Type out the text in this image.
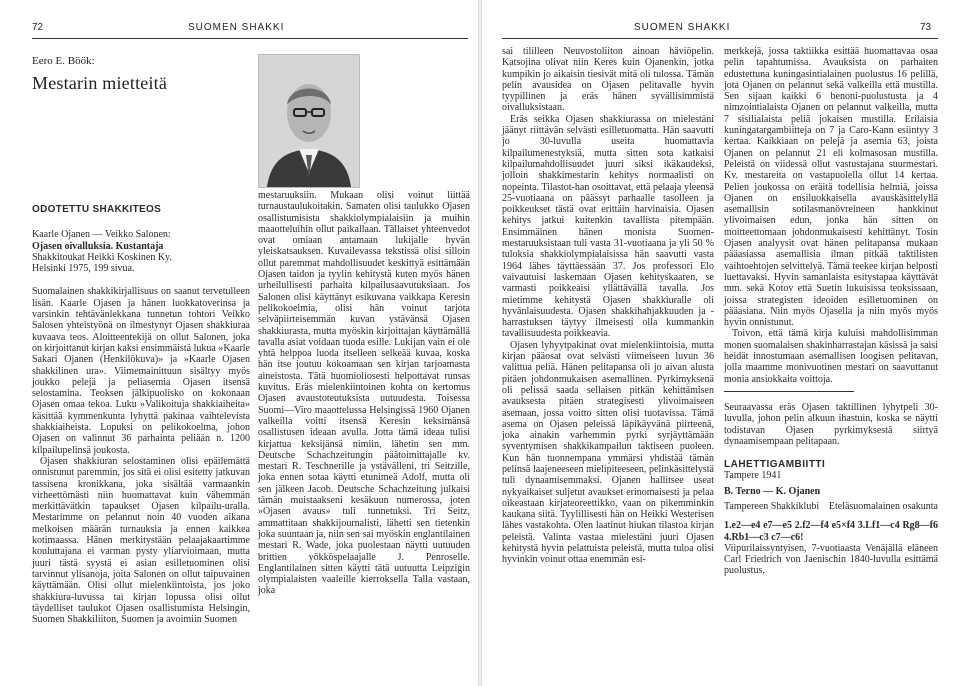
72	SUOMEN SHAKKI
Eero E. Böök:
Mestarin mietteitä
ODOTETTU SHAKKITEOS
Kaarle Ojanen — Veikko Salonen:
Ojasen oivalluksia. Kustantaja
Shakkitoukat Heikki Koskinen Ky.
Helsinki 1975, 199 sivua.

Suomalainen shakkikirjallisuus on saanut tervetulleen lisän. Kaarle Ojasen ja hänen luokkatoverinsa ja varsinkin tehtävänlekkana tunnetun tohtori Veikko Salosen yhteistyönä on ilmestynyt Ojasen shakkiuraa kuvaava teos. Aloitteentekijä on ollut Salonen, joka on kirjoittanut kirjan kaksi ensimmäistä lukua »Kaarle Sakari Ojanen (Henkilökuva)» ja »Kaarle Ojasen shakkilinen ura». Viimemainittuun sisältyy myös joukko pelejä ja peliasemia Ojasen itsensä selostamina. Teoksen jälkipuolisko on kokonaan Ojasen omaa tekoa. Luku »Valikoituja shakkiaiheita» käsittää kymmenkunta lyhyttä pakinaa vaihtelevista shakkiaiheista. Lopuksi on pelikokoelma, johon Ojasen on valinnut 36 parhainta peliään n. 1200 kilpailupelinsä joukosta.

Ojasen shakkiuran selostaminen olisi epäilemättä onnistunut paremmin, jos sitä ei olisi esitetty jatkuvan tassisena kronikkana, joka sisältää varmaankin virheettömästi niin huomattavat kuin vähemmän merkittävätkin tapaukset Ojasen kilpailu-uralla. Mestarimme on pelannut noin 40 vuoden aikana melkoisen määrän turnauksia ja ennen kaikkea kotimaassa. Hänen merkitystään pelaajakaartimme kouluttajana ei varman pysty yliarvioimaan, mutta juuri tästä syystä ei asian esilletuominen olisi tarvinnut ylisanoja, joita Salonen on ollut taipuvainen käyttämään. Olisi ollut mielenkiintoista, jos joko shakkiura-luvussa tai kirjan lopussa olisi ollut täydelliset taulukot Ojasen osallistumista Helsingin, Suomen Shakkiliiton, Suomen ja avoimiin Suomen

mestaruuksiin. Mukaan olisi voinut liittää turnaustaulukoitakin. Samaten olisi taulukko Ojasen osallistumisista shakkiolympialaisiin ja muihin maaotteluihin ollut paikallaan. Tällaiset yhteenvedot ovat omiaan antamaan lukijalle hyvän yleiskatsauksen. Kuvailevassa tekstissä olisi silloin ollut paremmat mahdollisuudet keskittyä esittämään Ojasen taidon ja tyylin kehitystä kuten myös hänen urheilullisesti parhaita kilpailusaavutuksiaan. Jos Salonen olisi käyttänyt esikuvana vaikkapa Keresin pelikokoelmia, olisi hän voinut tarjota selväpiirteisemmän kuvan ystävänsä Ojasen shakkiurasta, mutta myöskin kirjoittajan käyttämällä tavalla asiat voidaan tuoda esille. Lukijan vain ei ole yhtä helppoa luoda itselleen selkeää kuvaa, koska hän itse joutuu kokoamaan sen kirjan tarjoamasta aineistosta. Tätä huomioliosesti helpottavat runsas kuvitus. Eräs mielenkiintoinen kohta on kertomus Ojasen avaustoteutuksista uutuudesta. Toisessa Suomi—Viro maaottelussa Helsingissä 1960 Ojanen valkeilla voitti itsensä Keresin keksimänsä osallistusen ideaan avulla. Jotta tämä ideaa tulisi kirjattua keksijänsä nimiin, lähetin sen mm. Deutsche Schachzeitungin päätoimittajalle kv. mestari R. Teschnerille ja ystävälleni, tri Seitzille, joka ennen sotaa käytti etunimeä Adolf, mutta oli sen jälkeen Jacob. Deutsche Schachzeitung julkaisi tämän muistaakseni kesäkuun numerossa, joten »Ojasen avaus» tuli tunnetuksi. Tri Seitz, ammattitaan shakkijournalisti, lähetti sen tietenkin joka suuntaan ja, niin sen sai myöskin englantilainen mestari R. Wade, joka puolestaan näytti uutuuden brittien yökköspelaajalle J. Penroselle. Englantilainen sitten käytti tätä uutuutta Leipzigin olympialaisten vaaleille kierroksella Talla vastaan, joka

SUOMEN SHAKKI	73

sai tililleen Neuvostoliiton ainoan häviöpelin. Katsojina olivat niin Keres kuin Ojanenkin, jotka kumpikin jo aikaisin tiesivät mitä oli tulossa. Tämän pelin avausidea on Ojasen pelitavalle hyvin tyypillinen ja eräs hänen syvällisimmistä oivalluksistaan.

Eräs seikka Ojasen shakkiurassa on mielestäni jäänyt riittävän selvästi esilletuomatta. Hän saavutti jo 30-luvulla useita huomattavia kilpailumenestyksiä, mutta sitten sota katkaisi kilpailumahdollisuudet juuri siksi ikäkaudeksi, jolloin shakkimestarin kehitys normaalisti on nopeinta. Tilastot-han osoittavat, että pelaaja yleensä 25-vuotiaana on päässyt parhaalle tasolleen ja poikkeukset tästä ovat erittäin harvinaisia. Ojasen kehitys jatkui kuitenkin tavallista pitempään. Ensimmäinen hänen monista Suomen-mestaruuksistaan tuli vasta 31-vuotiaana ja yli 50 % tuloksia shakkiolympialaisissa hän saavutti vasta 1964 lähes täyttäessään 37. Jos professori Elo vaivautuisi laskemaan Ojasen kehityskaaren, se varmasti poikkeaisi yllättävällä tavalla. Jos mietimme kehitystä Ojasen shakkiuralle oli hyvänlaisuudesta. Ojasen shakkihahjakkuuden ja -harrastuksen täytyy ilmeisesti olla kummankin tavallisuudesta poikkeavia.

Ojasen lyhyytpakinat ovat mielenkiintoisia, mutta kirjan pääosat ovat selvästi viimeiseen luvun 36 valittua peliä. Hänen pelitapansa oli jo aivan alusta pitäen johdonmukaisen asemallinen. Pyrkimyksenä oli pelissä saada sellaisen pitkän kehittämisen avauksesta pitäen strategisesti ylivoimaiseen asemaan, jossa voitto sitten olisi tuotavissa. Tämä asema on Ojasen peleissä läpikäyvänä piirteenä, joka ainakin varhemmin pyrki syrjäyttämään syventymisen shakkikampailun taktiseen puoleen. Kun hän tuonnempana ymmärsi yhdistää tämän pelinsä laajeneeseen mielipiteeseen, pelinkäsittelystä tuli dynaamisemmaksi. Ojanen hallitsee useat nykyaikaiset suljetut avaukset erinomaisesti ja pelaa oikeastaan kirjateoreettikko, vaan on pikemminkin kaukana siitä. Tyylillisesti hän on Heikki Westerisen lähes vastakohta. Olen laatinut hiukan tilastoa kirjan peleistä. Valinta vastaa mielestäni juuri Ojasen kehitystä hyvin pelattuista peleistä, mutta tuloa olisi hyvinkin voinut ottaa enemmän esi-

merkkejä, jossa taktiikka esittää huomattavaa osaa pelin tapahtumissa. Avauksista on parhaiten edustettuna kuningasintialainen puolustus 16 pelillä, jota Ojanen on pelannut sekä valkeilla että mustilla. Sen sijaan kaikki 6 benoni-puolustusta ja 4 nimzointialaista Ojanen on pelannut valkeilla, mutta 7 sisilialaista peliä jokaisen mustilla. Erilaisia kuningatargambiitteja on 7 ja Caro-Kann esiintyy 3 kertaa. Kaikkiaan on pelejä ja asemia 63, joista Ojanen on pelannut 21 eli kolmasosan mustilla. Peleistä on viidessä ollut vastustajana suurmestari. Kv. mestareita on vastapuolella ollut 14 kertaa. Pelien joukossa on eräitä todellisia helmiä, joissa Ojanen on ensiluokkaisella avauskäsittelyllä asemallisin sotilasmanövreineen hankkinut ylivoimaisen edun, jonka hän sitten on moitteettomaan johdonmukaisesti kehittänyt. Tosin Ojasen analyysit ovat hänen pelitapansa mukaan pääasiassa asemallisia ilman pitkää taktilisten vaihtoehtojen selvittelyä. Tämä teekee kirjan helposti luettavaksi. Hyvin samanlaista esitystapaa käyttävät mm. sekä Kotov että Suetin lukuisissa teoksissaan, joissa strategisten ideoiden esilletuominen on pääasiana. Niin myös Ojasella ja niin myös myös hyvin onnistunut.

Toivon, että tämä kirja kuluisi mahdollisimman monen suomalaisen shakinharrastajan käsissä ja saisi heidät innostumaan asemallisen loogisen pelitavan, jolla maamme monivuotinen mestari on saavuttanut monia ansiokkaita voittoja.

Seuraavassa eräs Ojasen taktillinen lyhytpeli 30-luvulla, johon pelin alkuun ihastuin, koska se näytti todistavan Ojasen pyrkimyksestä siirtyä dynaamisempaan pelitapaan.

LAHETTIGAMBIITTI
Tampere 1941
B. Terno — K. Ojanen
Tampereen Shakkiklubi Eteläsuomalainen osakunta
1.e2—e4 e7—e5 2.f2—f4 e5×f4 3.Lf1—c4 Rg8—f6 4.Rb1—c3 c7—c6!

Viipurilaissyntyisen, 7-vuotiaasta Venäjällä eläneen Carl Friedrich von Jaenischin 1840-luvulla esittämä puolustus,
